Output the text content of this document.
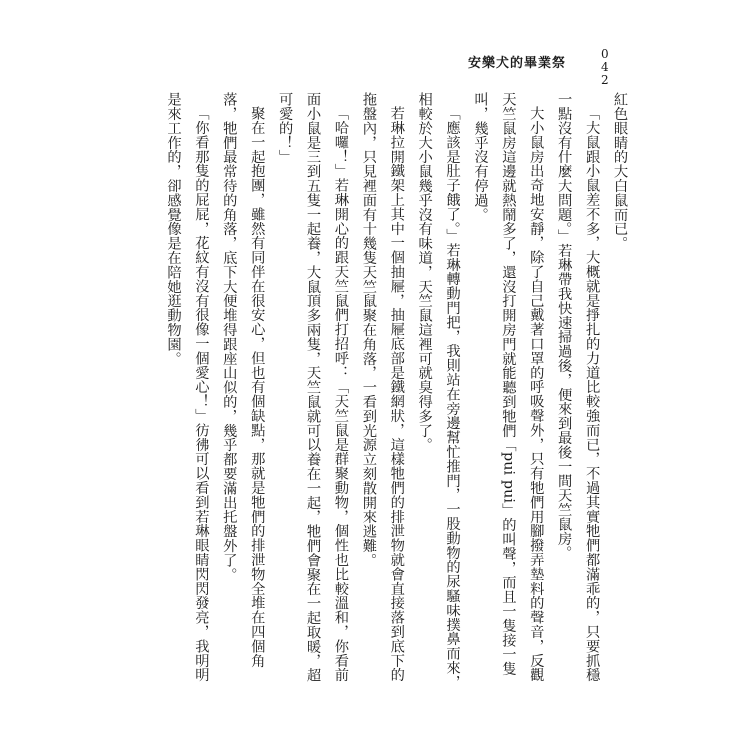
安樂犬的畢業祭
0
4
2

紅色眼睛的大白鼠而已。

「大鼠跟小鼠差不多，大概就是掙扎的力道比較強而已，不過其實牠們都滿乖的，只要抓穩一點沒有什麼大問題。」若琳帶我快速掃過後，便來到最後一間天竺鼠房。

大小鼠房出奇地安靜，除了自己戴著口罩的呼吸聲外，只有牠們用腳撥弄墊料的聲音，反觀天竺鼠房這邊就熱鬧多了，還沒打開房門就能聽到牠們「pui pui」的叫聲，而且一隻接一隻叫，幾乎沒有停過。

「應該是肚子餓了。」若琳轉動門把，我則站在旁邊幫忙推門，一股動物的尿騷味撲鼻而來，相較於大小鼠幾乎沒有味道，天竺鼠這裡可就臭得多了。

若琳拉開鐵架上其中一個抽屜，抽屜底部是鐵網狀，這樣牠們的排泄物就會直接落到底下的拖盤內，只見裡面有十幾隻天竺鼠聚在角落，一看到光源立刻散開來逃難。

「哈囉！」若琳開心的跟天竺鼠們打招呼：「天竺鼠是群聚動物，個性也比較溫和，你看前面小鼠是三到五隻一起養，大鼠頂多兩隻，天竺鼠就可以養在一起，牠們會聚在一起取暖，超可愛的！」

聚在一起抱團，雖然有同伴在很安心，但也有個缺點，那就是牠們的排泄物全堆在四個角落，牠們最常待的角落，底下大便堆得跟座山似的，幾乎都要滿出托盤外了。

「你看那隻的屁屁，花紋有沒有很像一個愛心！」彷彿可以看到若琳眼睛閃閃發亮，我明明是來工作的，卻感覺像是在陪她逛動物園。
